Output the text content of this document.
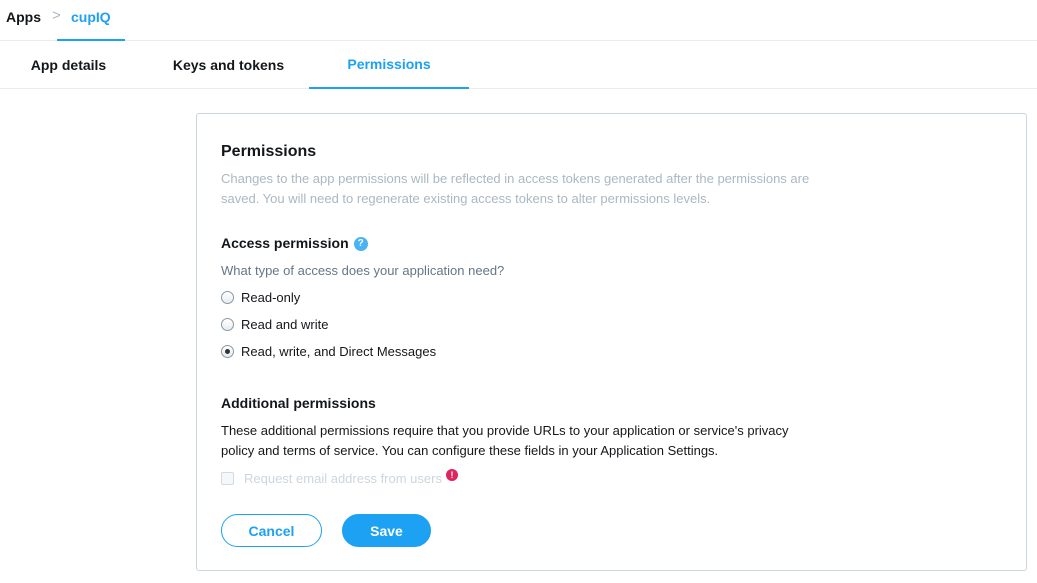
Apps > cupIQ
App details	Keys and tokens	Permissions
Permissions
Changes to the app permissions will be reflected in access tokens generated after the permissions are saved. You will need to regenerate existing access tokens to alter permissions levels.
Access permission ?
What type of access does your application need?
Read-only
Read and write
Read, write, and Direct Messages
Additional permissions
These additional permissions require that you provide URLs to your application or service's privacy policy and terms of service. You can configure these fields in your Application Settings.
Request email address from users !
Cancel	Save
